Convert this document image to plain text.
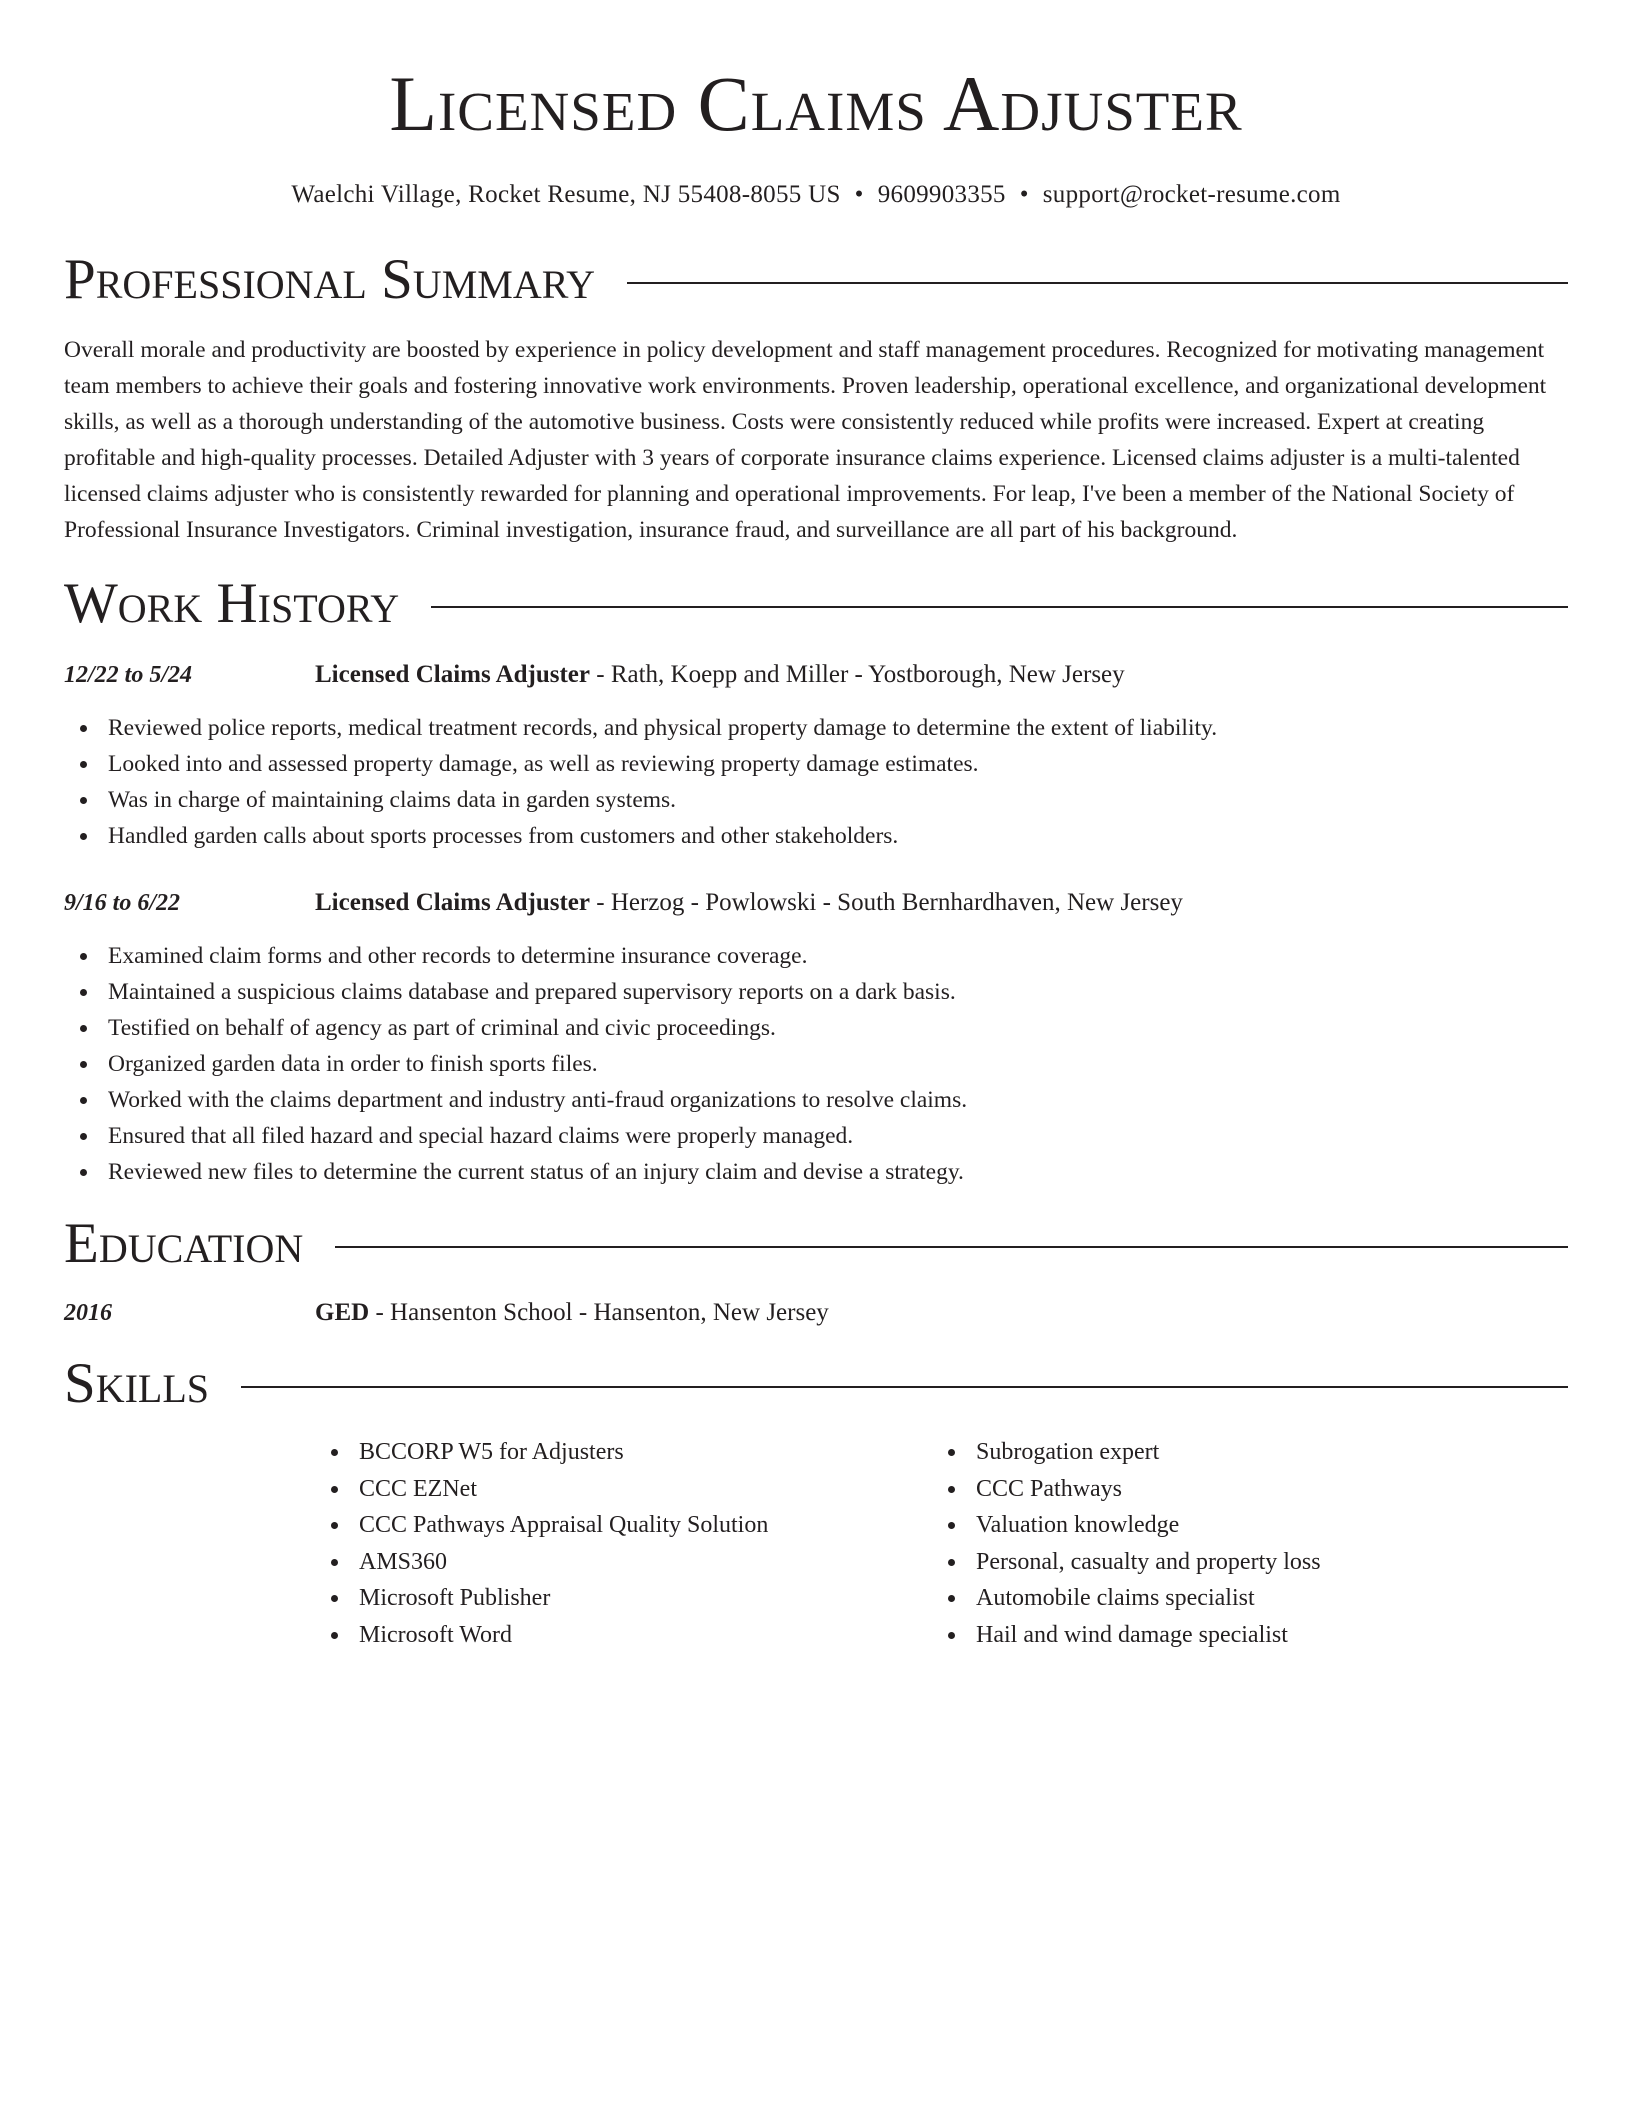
Licensed Claims Adjuster
Waelchi Village, Rocket Resume, NJ 55408-8055 US • 9609903355 • support@rocket-resume.com
Professional Summary

Overall morale and productivity are boosted by experience in policy development and staff management procedures. Recognized for motivating management team members to achieve their goals and fostering innovative work environments. Proven leadership, operational excellence, and organizational development skills, as well as a thorough understanding of the automotive business. Costs were consistently reduced while profits were increased. Expert at creating profitable and high-quality processes. Detailed Adjuster with 3 years of corporate insurance claims experience. Licensed claims adjuster is a multi-talented licensed claims adjuster who is consistently rewarded for planning and operational improvements. For leap, I've been a member of the National Society of Professional Insurance Investigators. Criminal investigation, insurance fraud, and surveillance are all part of his background.

Work History
12/22 to 5/24	Licensed Claims Adjuster - Rath, Koepp and Miller - Yostborough, New Jersey
Reviewed police reports, medical treatment records, and physical property damage to determine the extent of liability.
Looked into and assessed property damage, as well as reviewing property damage estimates.
Was in charge of maintaining claims data in garden systems.
Handled garden calls about sports processes from customers and other stakeholders.
9/16 to 6/22	Licensed Claims Adjuster - Herzog - Powlowski - South Bernhardhaven, New Jersey
Examined claim forms and other records to determine insurance coverage.
Maintained a suspicious claims database and prepared supervisory reports on a dark basis.
Testified on behalf of agency as part of criminal and civic proceedings.
Organized garden data in order to finish sports files.
Worked with the claims department and industry anti-fraud organizations to resolve claims.
Ensured that all filed hazard and special hazard claims were properly managed.
Reviewed new files to determine the current status of an injury claim and devise a strategy.
Education
2016	GED - Hansenton School - Hansenton, New Jersey
Skills
BCCORP W5 for Adjusters
CCC EZNet
CCC Pathways Appraisal Quality Solution
AMS360
Microsoft Publisher
Microsoft Word
Subrogation expert
CCC Pathways
Valuation knowledge
Personal, casualty and property loss
Automobile claims specialist
Hail and wind damage specialist
